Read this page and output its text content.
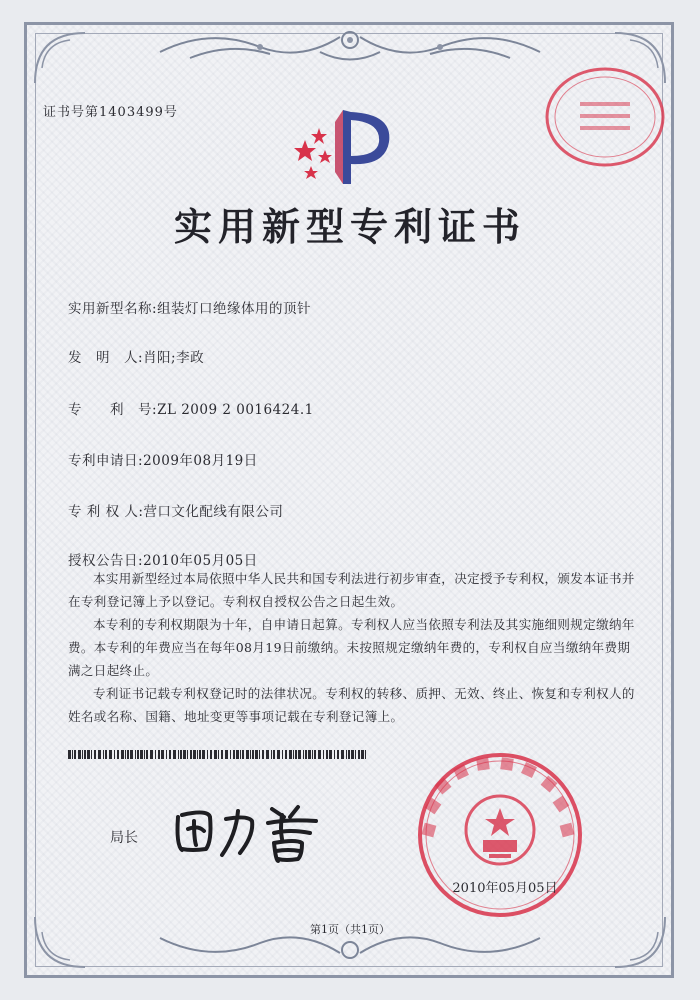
证书号第1403499号
实用新型专利证书
实用新型名称:组装灯口绝缘体用的顶针
发　明　人:肖阳;李政
专　　利　号:ZL 2009 2 0016424.1
专利申请日:2009年08月19日
专 利 权 人:营口文化配线有限公司
授权公告日:2010年05月05日

本实用新型经过本局依照中华人民共和国专利法进行初步审查，决定授予专利权，颁发本证书并在专利登记簿上予以登记。专利权自授权公告之日起生效。

本专利的专利权期限为十年，自申请日起算。专利权人应当依照专利法及其实施细则规定缴纳年费。本专利的年费应当在每年08月19日前缴纳。未按照规定缴纳年费的，专利权自应当缴纳年费期满之日起终止。

专利证书记载专利权登记时的法律状况。专利权的转移、质押、无效、终止、恢复和专利权人的姓名或名称、国籍、地址变更等事项记载在专利登记簿上。

局长
2010年05月05日
第1页（共1页）
